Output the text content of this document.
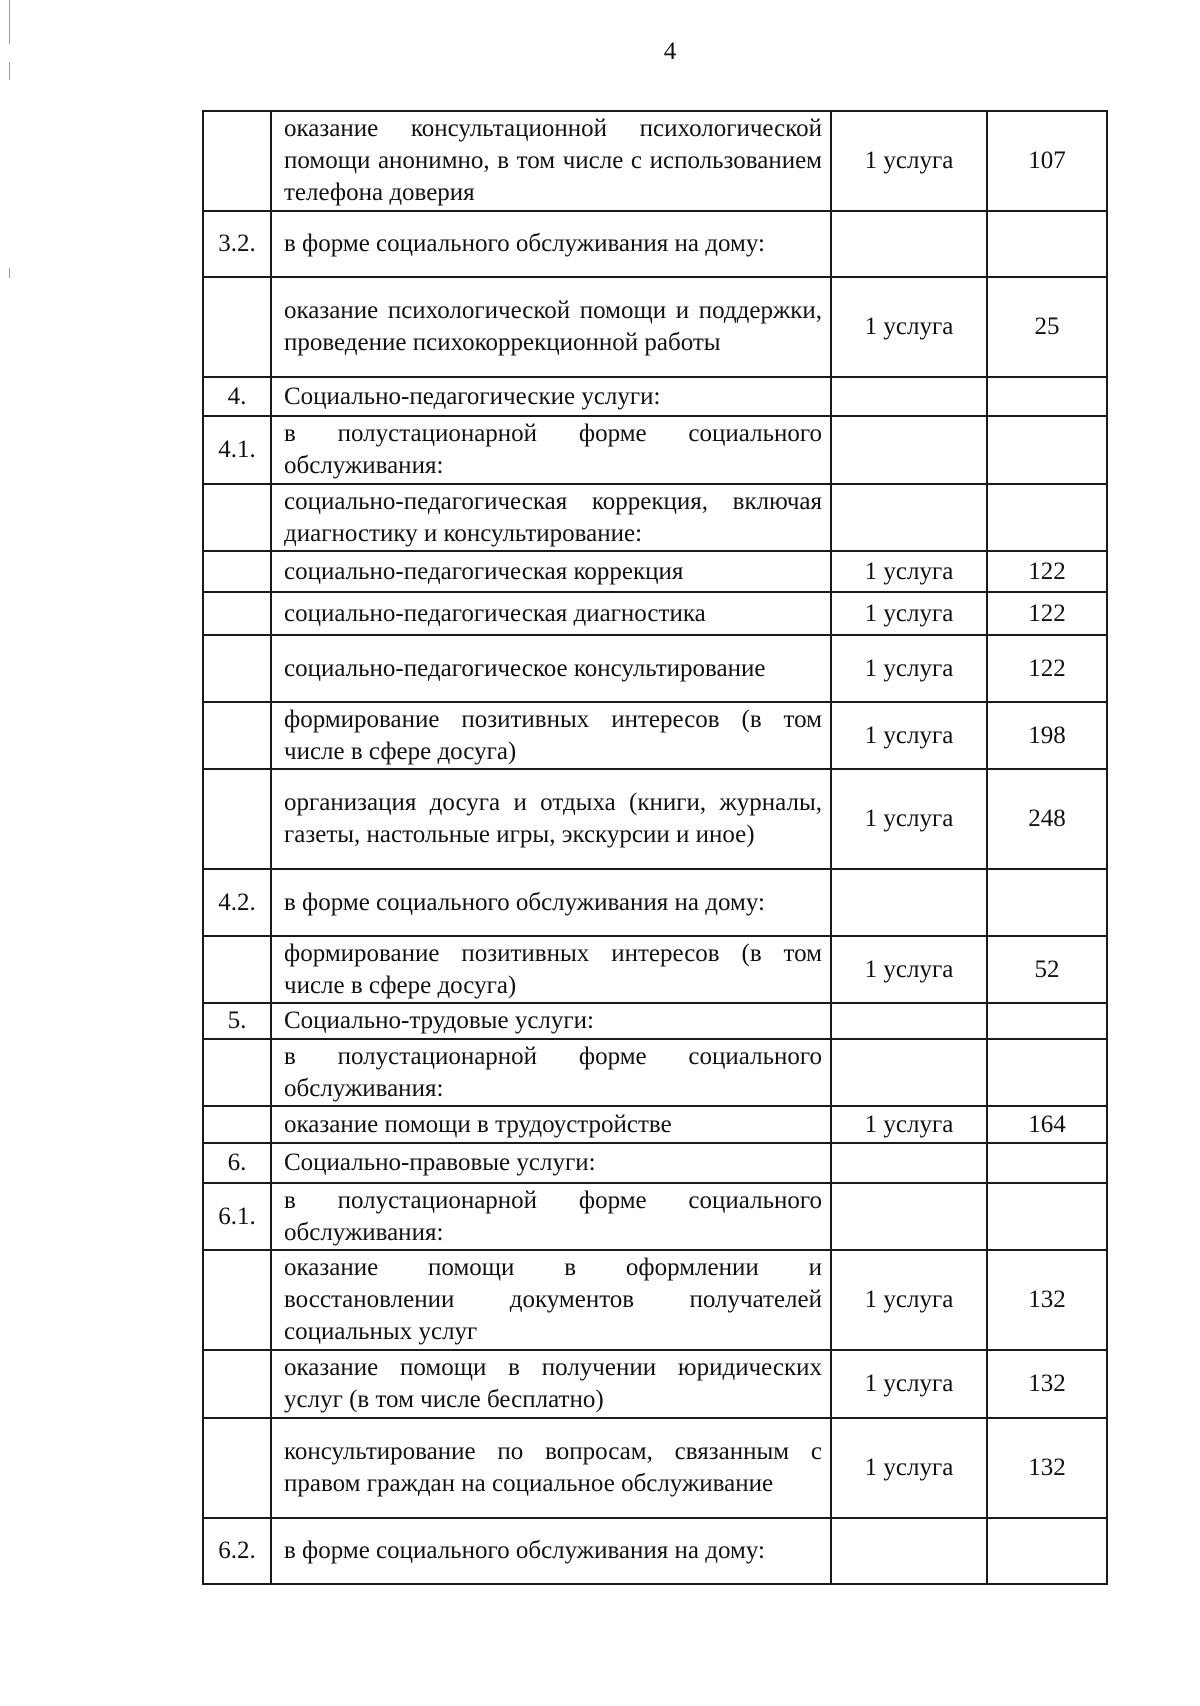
4
	оказание консультационной психологической помощи анонимно, в том числе с использованием телефона доверия	1 услуга	107
3.2.	в форме социального обслуживания на дому:		
	оказание психологической помощи и поддержки, проведение психокоррекционной работы	1 услуга	25
4.	Социально-педагогические услуги:		
4.1.	в полустационарной форме социального обслуживания:		
	социально-педагогическая коррекция, включая диагностику и консультирование:		
	социально-педагогическая коррекция	1 услуга	122
	социально-педагогическая диагностика	1 услуга	122
	социально-педагогическое консультирование	1 услуга	122
	формирование позитивных интересов (в том числе в сфере досуга)	1 услуга	198
	организация досуга и отдыха (книги, журналы, газеты, настольные игры, экскурсии и иное)	1 услуга	248
4.2.	в форме социального обслуживания на дому:		
	формирование позитивных интересов (в том числе в сфере досуга)	1 услуга	52
5.	Социально-трудовые услуги:		
	в полустационарной форме социального обслуживания:		
	оказание помощи в трудоустройстве	1 услуга	164
6.	Социально-правовые услуги:		
6.1.	в полустационарной форме социального обслуживания:		
	оказание помощи в оформлении и восстановлении документов получателей социальных услуг	1 услуга	132
	оказание помощи в получении юридических услуг (в том числе бесплатно)	1 услуга	132
	консультирование по вопросам, связанным с правом граждан на социальное обслуживание	1 услуга	132
6.2.	в форме социального обслуживания на дому:		
